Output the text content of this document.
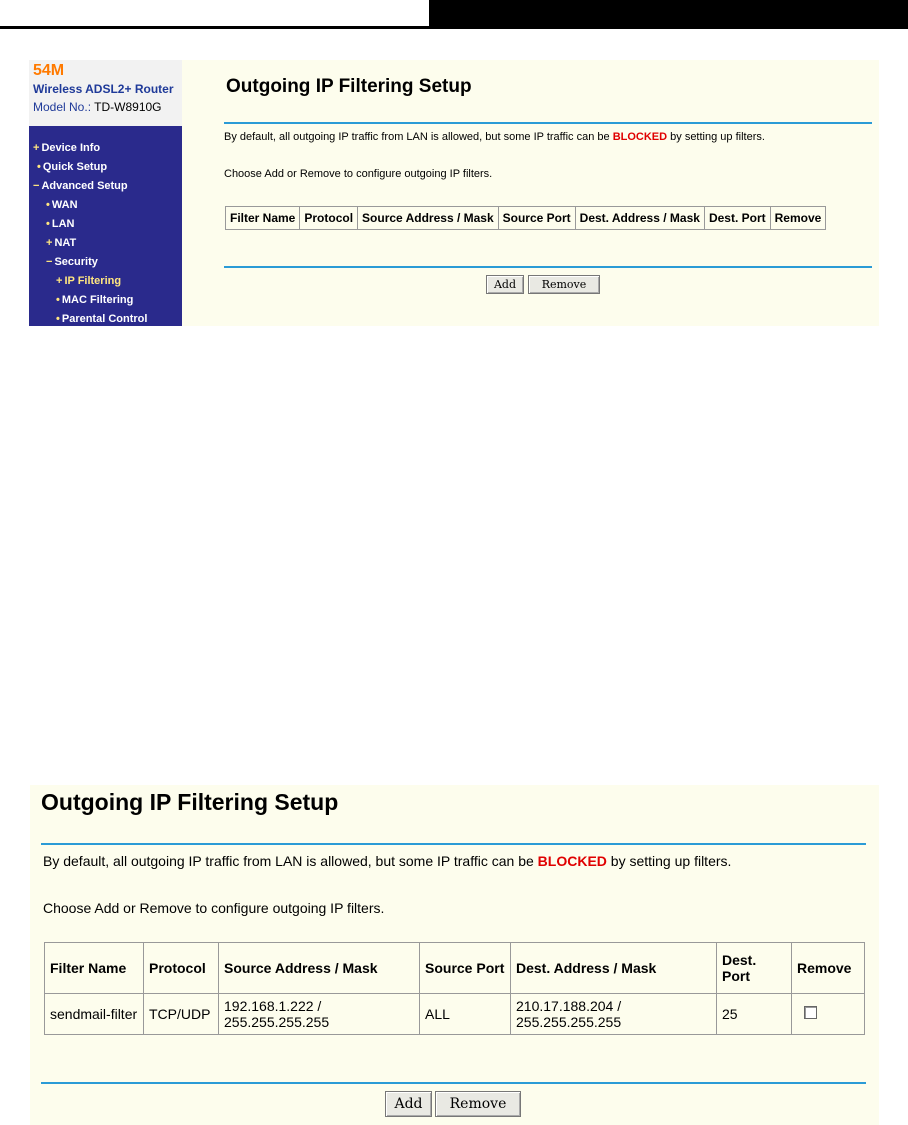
54M
Wireless ADSL2+ Router
Model No.: TD-W8910G
+ Device Info
• Quick Setup
− Advanced Setup
• WAN
• LAN
+ NAT
− Security
+ IP Filtering
• MAC Filtering
• Parental Control
Outgoing IP Filtering Setup
By default, all outgoing IP traffic from LAN is allowed, but some IP traffic can be BLOCKED by setting up filters.
Choose Add or Remove to configure outgoing IP filters.
Filter Name	Protocol	Source Address / Mask	Source Port	Dest. Address / Mask	Dest. Port	Remove
Add	Remove
Outgoing IP Filtering Setup
By default, all outgoing IP traffic from LAN is allowed, but some IP traffic can be BLOCKED by setting up filters.
Choose Add or Remove to configure outgoing IP filters.
Filter Name	Protocol	Source Address / Mask	Source Port	Dest. Address / Mask	Dest. Port	Remove
sendmail-filter	TCP/UDP	192.168.1.222 / 255.255.255.255	ALL	210.17.188.204 / 255.255.255.255	25	
Add	Remove
